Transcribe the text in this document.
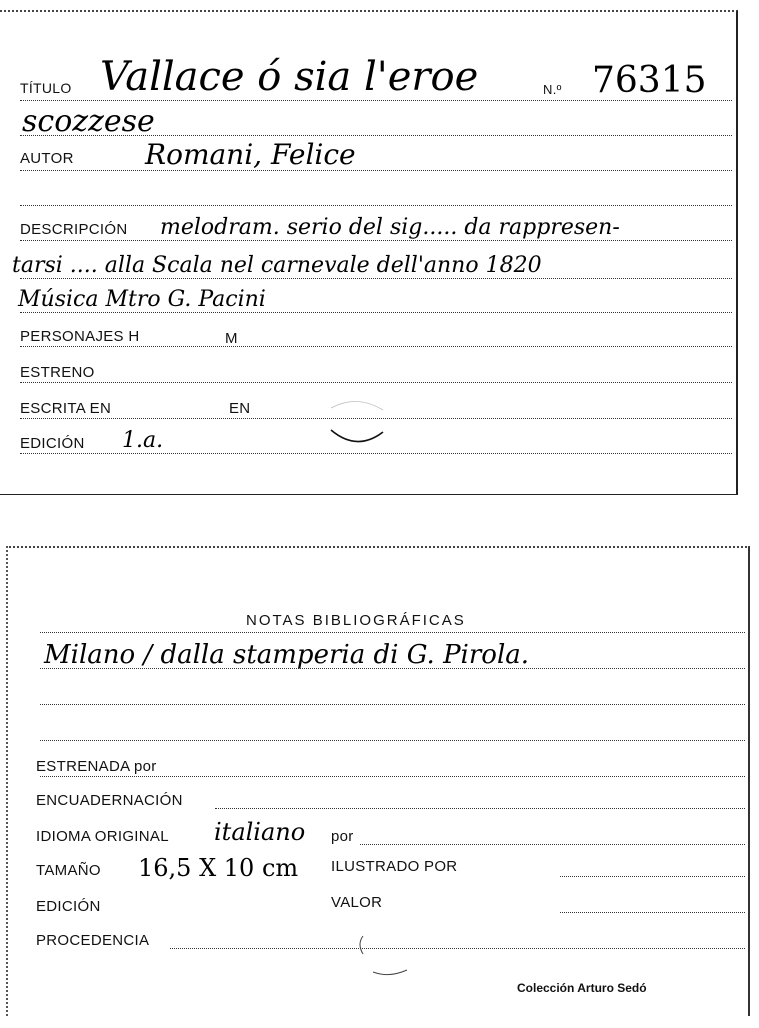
TÍTULO Vallace ó sia l'eroe	N.º 76315
scozzese
AUTOR	Romani, Felice
DESCRIPCIÓN melodram. serio del sig..... da rappresen-
tarsi .... alla Scala nel carnevale dell'anno 1820
Música Mtro G. Pacini
PERSONAJES H	M
ESTRENO
ESCRITA EN	EN
EDICIÓN 1.a.
NOTAS BIBLIOGRÁFICAS
Milano / dalla stamperia di G. Pirola.
ESTRENADA por
ENCUADERNACIÓN
IDIOMA ORIGINAL italiano por
TAMAÑO 16,5 X 10 cm ILUSTRADO POR
EDICIÓN	VALOR
PROCEDENCIA
Colección Arturo Sedó
